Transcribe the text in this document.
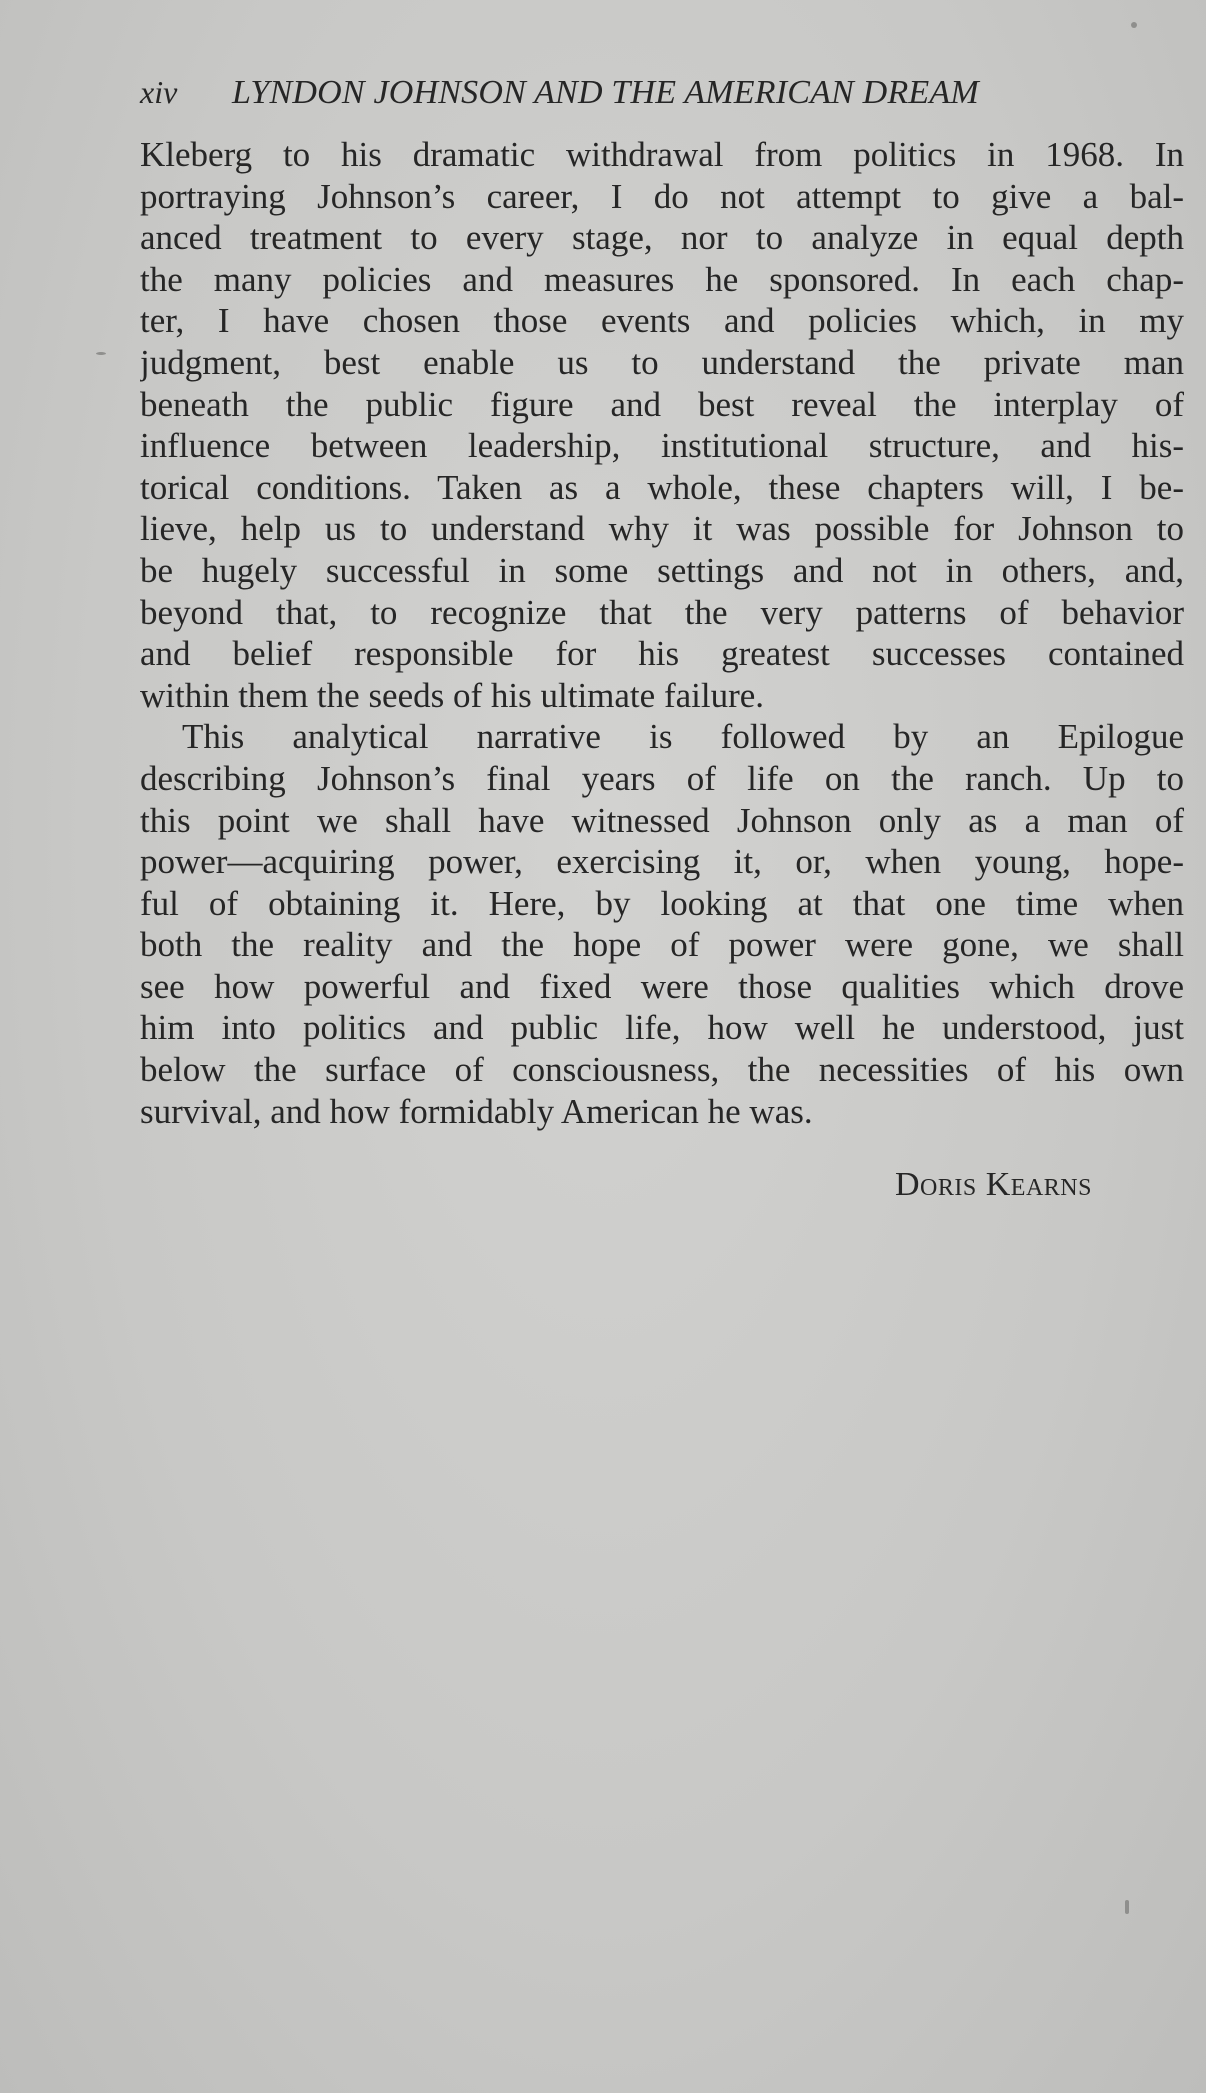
xiv LYNDON JOHNSON AND THE AMERICAN DREAM
Kleberg to his dramatic withdrawal from politics in 1968. In
portraying Johnson’s career, I do not attempt to give a bal-
anced treatment to every stage, nor to analyze in equal depth
the many policies and measures he sponsored. In each chap-
ter, I have chosen those events and policies which, in my
judgment, best enable us to understand the private man
beneath the public figure and best reveal the interplay of
influence between leadership, institutional structure, and his-
torical conditions. Taken as a whole, these chapters will, I be-
lieve, help us to understand why it was possible for Johnson to
be hugely successful in some settings and not in others, and,
beyond that, to recognize that the very patterns of behavior
and belief responsible for his greatest successes contained
within them the seeds of his ultimate failure.
This analytical narrative is followed by an Epilogue
describing Johnson’s final years of life on the ranch. Up to
this point we shall have witnessed Johnson only as a man of
power—acquiring power, exercising it, or, when young, hope-
ful of obtaining it. Here, by looking at that one time when
both the reality and the hope of power were gone, we shall
see how powerful and fixed were those qualities which drove
him into politics and public life, how well he understood, just
below the surface of consciousness, the necessities of his own
survival, and how formidably American he was.
Doris Kearns
